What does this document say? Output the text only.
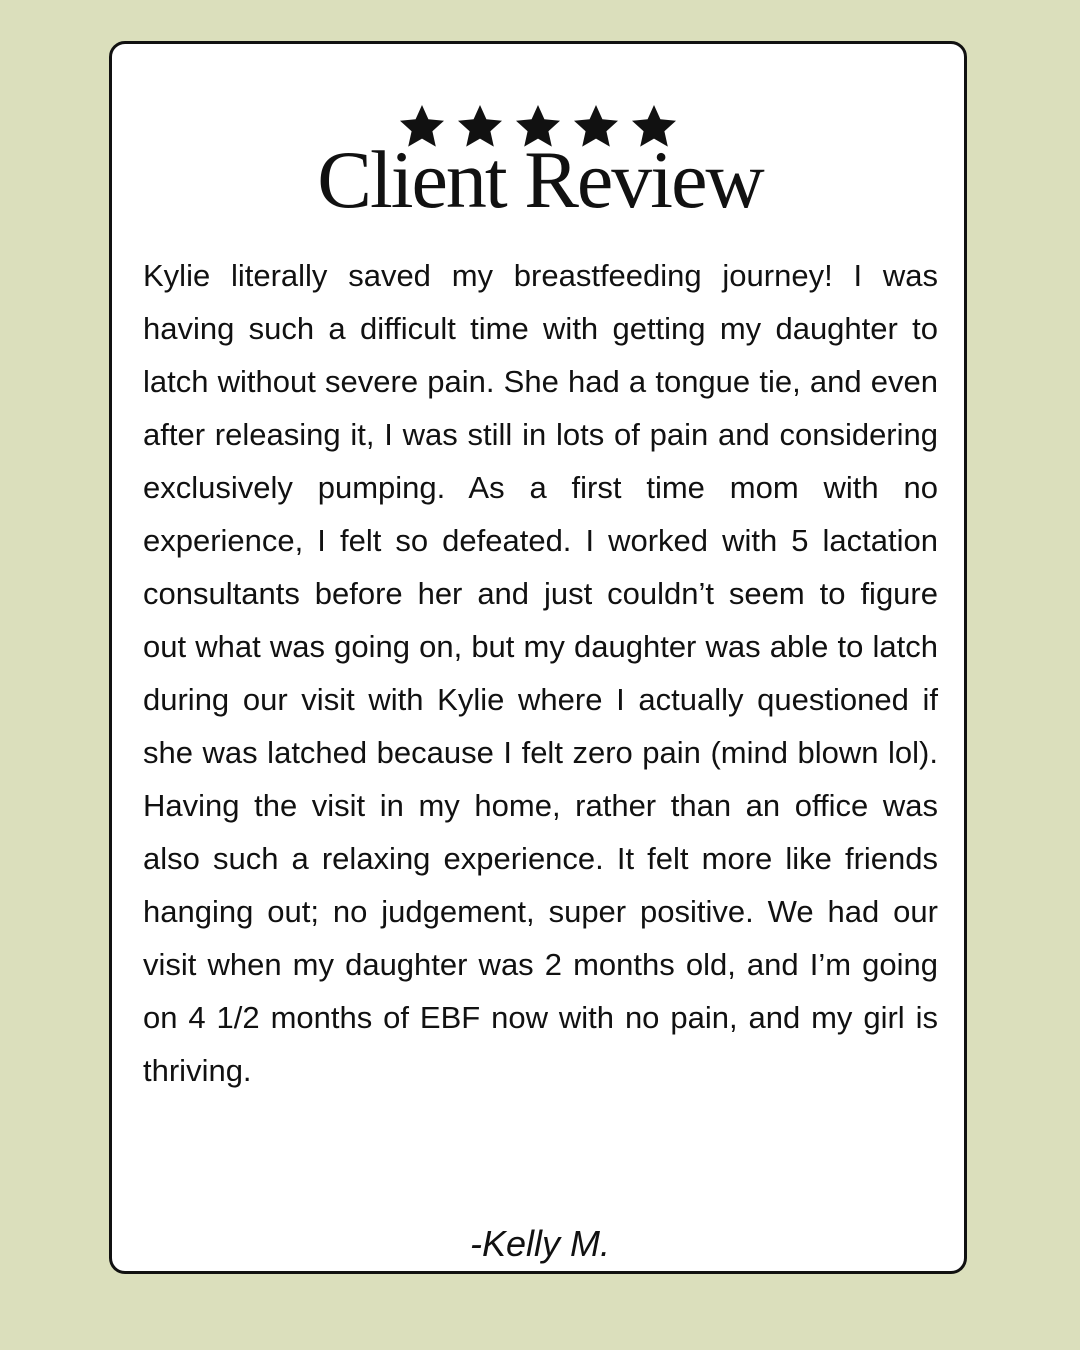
Client Review

Kylie literally saved my breastfeeding journey! I was having such a difficult time with getting my daughter to latch without severe pain. She had a tongue tie, and even after releasing it, I was still in lots of pain and considering exclusively pumping. As a first time mom with no experience, I felt so defeated. I worked with 5 lactation consultants before her and just couldn’t seem to figure out what was going on, but my daughter was able to latch during our visit with Kylie where I actually questioned if she was latched because I felt zero pain (mind blown lol). Having the visit in my home, rather than an office was also such a relaxing experience. It felt more like friends hanging out; no judgement, super positive. We had our visit when my daughter was 2 months old, and I’m going on 4 1/2 months of EBF now with no pain, and my girl is thriving.

-Kelly M.
